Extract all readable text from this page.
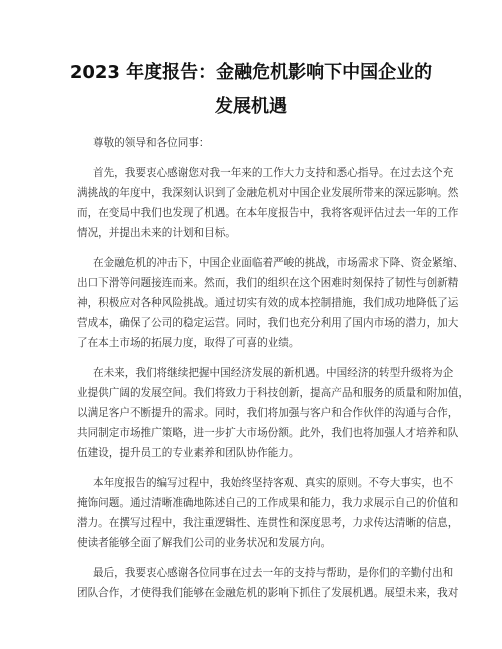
2023 年度报告：金融危机影响下中国企业的
发展机遇
尊敬的领导和各位同事：
首先，我要衷心感谢您对我一年来的工作大力支持和悉心指导。在过去这个充
满挑战的年度中，我深刻认识到了金融危机对中国企业发展所带来的深远影响。然
而，在变局中我们也发现了机遇。在本年度报告中，我将客观评估过去一年的工作
情况，并提出未来的计划和目标。
在金融危机的冲击下，中国企业面临着严峻的挑战，市场需求下降、资金紧缩、
出口下滑等问题接连而来。然而，我们的组织在这个困难时刻保持了韧性与创新精
神，积极应对各种风险挑战。通过切实有效的成本控制措施，我们成功地降低了运
营成本，确保了公司的稳定运营。同时，我们也充分利用了国内市场的潜力，加大
了在本土市场的拓展力度，取得了可喜的业绩。
在未来，我们将继续把握中国经济发展的新机遇。中国经济的转型升级将为企
业提供广阔的发展空间。我们将致力于科技创新，提高产品和服务的质量和附加值，
以满足客户不断提升的需求。同时，我们将加强与客户和合作伙伴的沟通与合作，
共同制定市场推广策略，进一步扩大市场份额。此外，我们也将加强人才培养和队
伍建设，提升员工的专业素养和团队协作能力。
本年度报告的编写过程中，我始终坚持客观、真实的原则。不夸大事实，也不
掩饰问题。通过清晰准确地陈述自己的工作成果和能力，我力求展示自己的价值和
潜力。在撰写过程中，我注重逻辑性、连贯性和深度思考，力求传达清晰的信息，
使读者能够全面了解我们公司的业务状况和发展方向。
最后，我要衷心感谢各位同事在过去一年的支持与帮助，是你们的辛勤付出和
团队合作，才使得我们能够在金融危机的影响下抓住了发展机遇。展望未来，我对
